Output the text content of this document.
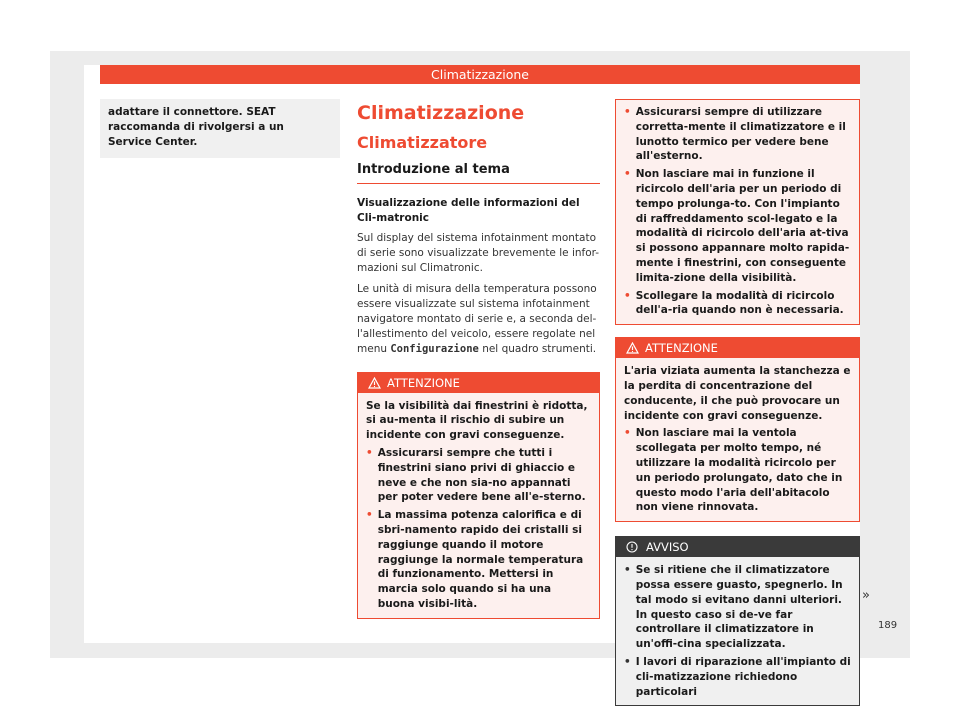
Climatizzazione
adattare il connettore. SEAT raccomanda di rivolgersi a un Service Center.
Climatizzazione
Climatizzatore
Introduzione al tema
Visualizzazione delle informazioni del Cli-matronic
Sul display del sistema infotainment montato di serie sono visualizzate brevemente le infor-mazioni sul Climatronic.
Le unità di misura della temperatura possono essere visualizzate sul sistema infotainment navigatore montato di serie e, a seconda del-l'allestimento del veicolo, essere regolate nel menu Configurazione nel quadro strumenti.
ATTENZIONE
Se la visibilità dai finestrini è ridotta, si au-menta il rischio di subire un incidente con gravi conseguenze.
• Assicurarsi sempre che tutti i finestrini siano privi di ghiaccio e neve e che non sia-no appannati per poter vedere bene all'e-sterno.
• La massima potenza calorifica e di sbri-namento rapido dei cristalli si raggiunge quando il motore raggiunge la normale temperatura di funzionamento. Mettersi in marcia solo quando si ha una buona visibi-lità.
• Assicurarsi sempre di utilizzare corretta-mente il climatizzatore e il lunotto termico per vedere bene all'esterno.
• Non lasciare mai in funzione il ricircolo dell'aria per un periodo di tempo prolunga-to. Con l'impianto di raffreddamento scol-legato e la modalità di ricircolo dell'aria at-tiva si possono appannare molto rapida-mente i finestrini, con conseguente limita-zione della visibilità.
• Scollegare la modalità di ricircolo dell'a-ria quando non è necessaria.
ATTENZIONE
L'aria viziata aumenta la stanchezza e la perdita di concentrazione del conducente, il che può provocare un incidente con gravi conseguenze.
• Non lasciare mai la ventola scollegata per molto tempo, né utilizzare la modalità ricircolo per un periodo prolungato, dato che in questo modo l'aria dell'abitacolo non viene rinnovata.
AVVISO
• Se si ritiene che il climatizzatore possa essere guasto, spegnerlo. In tal modo si evitano danni ulteriori. In questo caso si de-ve far controllare il climatizzatore in un'offi-cina specializzata.
• I lavori di riparazione all'impianto di cli-matizzazione richiedono particolari
»
189
